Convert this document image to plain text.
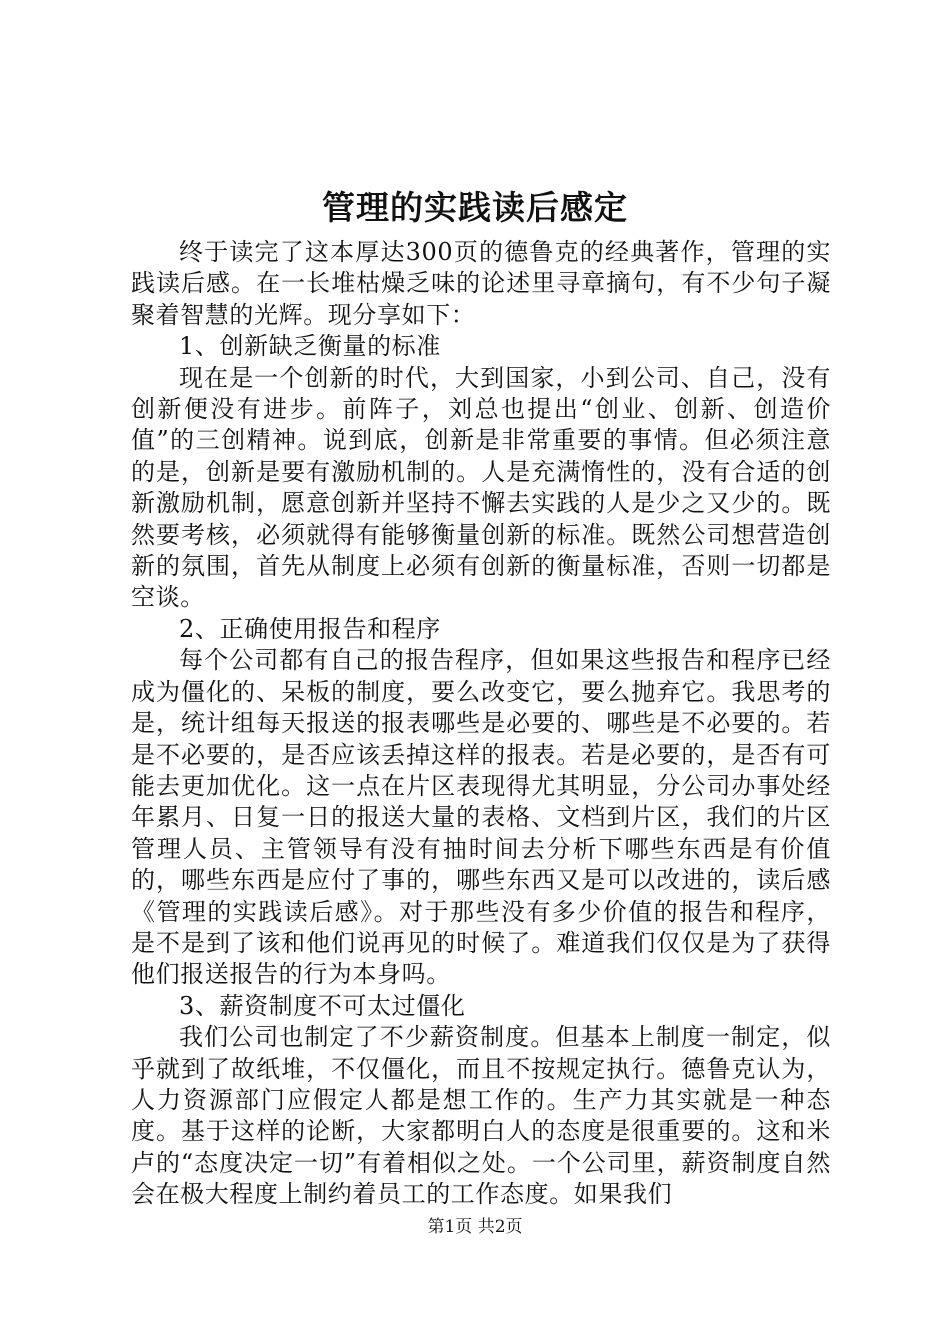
管理的实践读后感定

终于读完了这本厚达300页的德鲁克的经典著作，管理的实践读后感。在一长堆枯燥乏味的论述里寻章摘句，有不少句子凝聚着智慧的光辉。现分享如下：

1、创新缺乏衡量的标准

现在是一个创新的时代，大到国家，小到公司、自己，没有创新便没有进步。前阵子，刘总也提出“创业、创新、创造价值”的三创精神。说到底，创新是非常重要的事情。但必须注意的是，创新是要有激励机制的。人是充满惰性的，没有合适的创新激励机制，愿意创新并坚持不懈去实践的人是少之又少的。既然要考核，必须就得有能够衡量创新的标准。既然公司想营造创新的氛围，首先从制度上必须有创新的衡量标准，否则一切都是空谈。

2、正确使用报告和程序

每个公司都有自己的报告程序，但如果这些报告和程序已经成为僵化的、呆板的制度，要么改变它，要么抛弃它。我思考的是，统计组每天报送的报表哪些是必要的、哪些是不必要的。若是不必要的，是否应该丢掉这样的报表。若是必要的，是否有可能去更加优化。这一点在片区表现得尤其明显，分公司办事处经年累月、日复一日的报送大量的表格、文档到片区，我们的片区管理人员、主管领导有没有抽时间去分析下哪些东西是有价值的，哪些东西是应付了事的，哪些东西又是可以改进的，读后感《管理的实践读后感》。对于那些没有多少价值的报告和程序，是不是到了该和他们说再见的时候了。难道我们仅仅是为了获得他们报送报告的行为本身吗。

3、薪资制度不可太过僵化

我们公司也制定了不少薪资制度。但基本上制度一制定，似乎就到了故纸堆，不仅僵化，而且不按规定执行。德鲁克认为，人力资源部门应假定人都是想工作的。生产力其实就是一种态度。基于这样的论断，大家都明白人的态度是很重要的。这和米卢的“态度决定一切”有着相似之处。一个公司里，薪资制度自然会在极大程度上制约着员工的工作态度。如果我们

第1页 共2页
